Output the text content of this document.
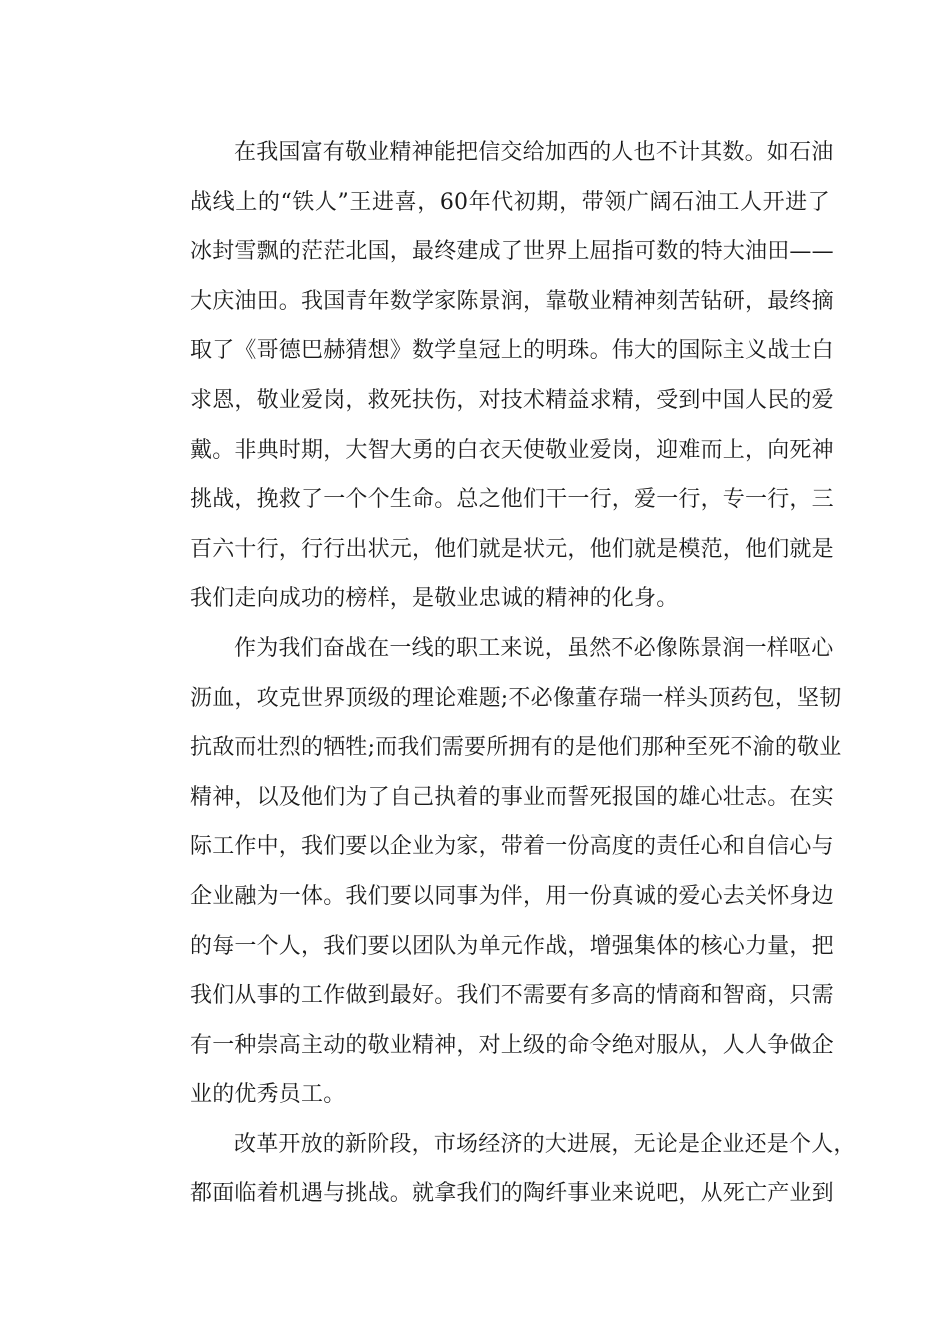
在我国富有敬业精神能把信交给加西的人也不计其数。如石油
战线上的“铁人”王进喜，60年代初期，带领广阔石油工人开进了
冰封雪飘的茫茫北国，最终建成了世界上屈指可数的特大油田——
大庆油田。我国青年数学家陈景润，靠敬业精神刻苦钻研，最终摘
取了《哥德巴赫猜想》数学皇冠上的明珠。伟大的国际主义战士白
求恩，敬业爱岗，救死扶伤，对技术精益求精，受到中国人民的爱
戴。非典时期，大智大勇的白衣天使敬业爱岗，迎难而上，向死神
挑战，挽救了一个个生命。总之他们干一行，爱一行，专一行，三
百六十行，行行出状元，他们就是状元，他们就是模范，他们就是
我们走向成功的榜样，是敬业忠诚的精神的化身。
作为我们奋战在一线的职工来说，虽然不必像陈景润一样呕心
沥血，攻克世界顶级的理论难题;不必像董存瑞一样头顶药包，坚韧
抗敌而壮烈的牺牲;而我们需要所拥有的是他们那种至死不渝的敬业
精神，以及他们为了自己执着的事业而誓死报国的雄心壮志。在实
际工作中，我们要以企业为家，带着一份高度的责任心和自信心与
企业融为一体。我们要以同事为伴，用一份真诚的爱心去关怀身边
的每一个人，我们要以团队为单元作战，增强集体的核心力量，把
我们从事的工作做到最好。我们不需要有多高的情商和智商，只需
有一种崇高主动的敬业精神，对上级的命令绝对服从，人人争做企
业的优秀员工。
改革开放的新阶段，市场经济的大进展，无论是企业还是个人，
都面临着机遇与挑战。就拿我们的陶纤事业来说吧，从死亡产业到
